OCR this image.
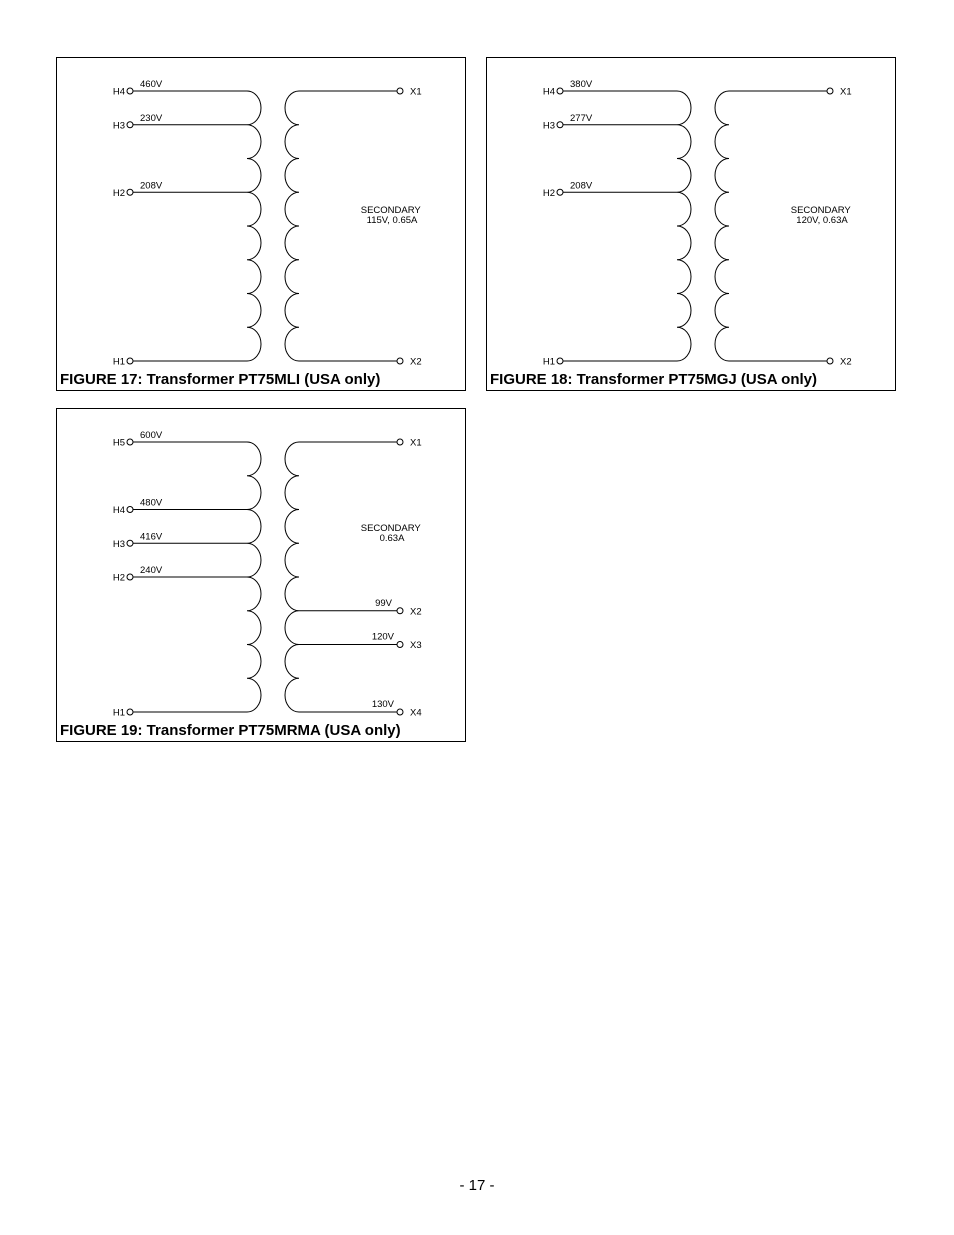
H4
460V
H3
230V
H2
208V
H1
X1
X2
SECONDARY 115V, 0.65A
FIGURE 17: Transformer PT75MLI (USA only)
H4
380V
H3
277V
H2
208V
H1
X1
X2
SECONDARY 120V, 0.63A
FIGURE 18: Transformer PT75MGJ (USA only)
H5
600V
H4
480V
H3
416V
H2
240V
H1
X1
X2
99V
X3
120V
X4
130V
SECONDARY 0.63A
FIGURE 19: Transformer PT75MRMA (USA only)
- 17 -
